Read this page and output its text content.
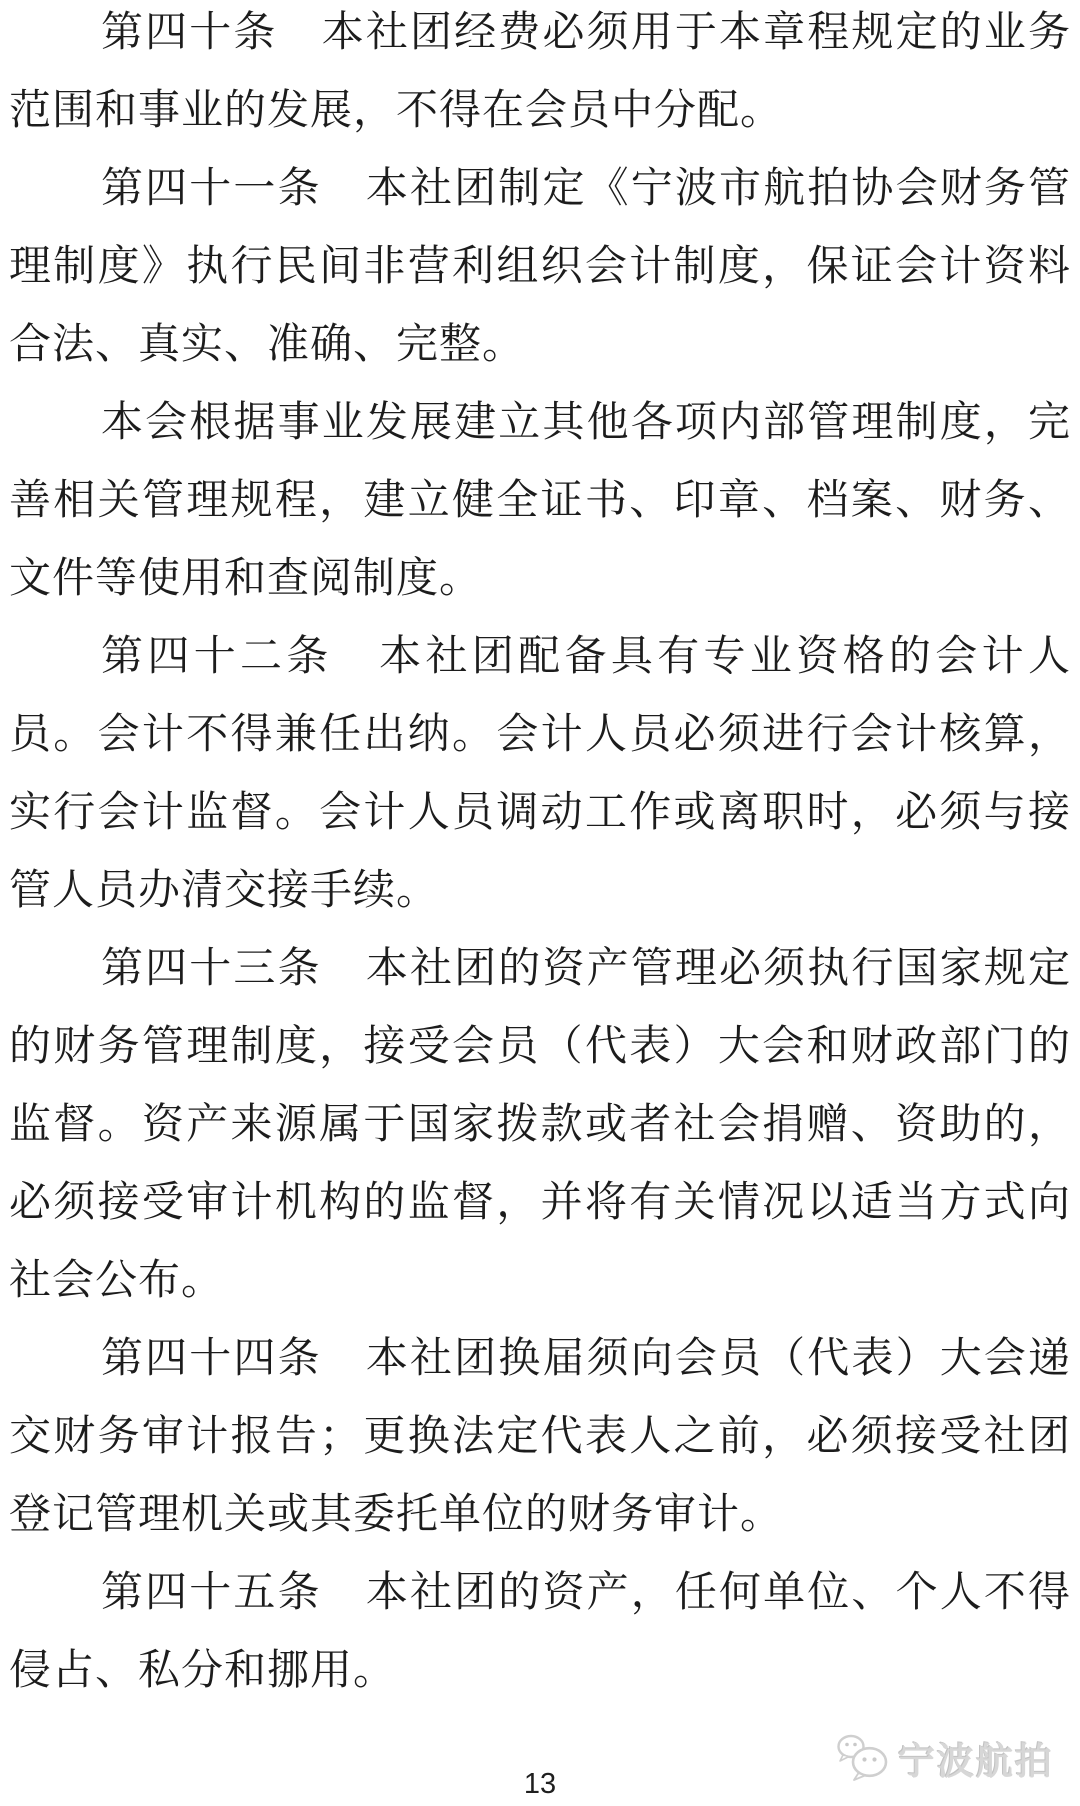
第四十条 本社团经费必须用于本章程规定的业务范围和事业的发展，不得在会员中分配。

第四十一条 本社团制定《宁波市航拍协会财务管理制度》执行民间非营利组织会计制度，保证会计资料合法、真实、准确、完整。

本会根据事业发展建立其他各项内部管理制度，完善相关管理规程，建立健全证书、印章、档案、财务、文件等使用和查阅制度。

第四十二条 本社团配备具有专业资格的会计人员。会计不得兼任出纳。会计人员必须进行会计核算，实行会计监督。会计人员调动工作或离职时，必须与接管人员办清交接手续。

第四十三条 本社团的资产管理必须执行国家规定的财务管理制度，接受会员（代表）大会和财政部门的监督。资产来源属于国家拨款或者社会捐赠、资助的，必须接受审计机构的监督，并将有关情况以适当方式向社会公布。

第四十四条 本社团换届须向会员（代表）大会递交财务审计报告；更换法定代表人之前，必须接受社团登记管理机关或其委托单位的财务审计。

第四十五条 本社团的资产，任何单位、个人不得侵占、私分和挪用。

宁波航拍
13
